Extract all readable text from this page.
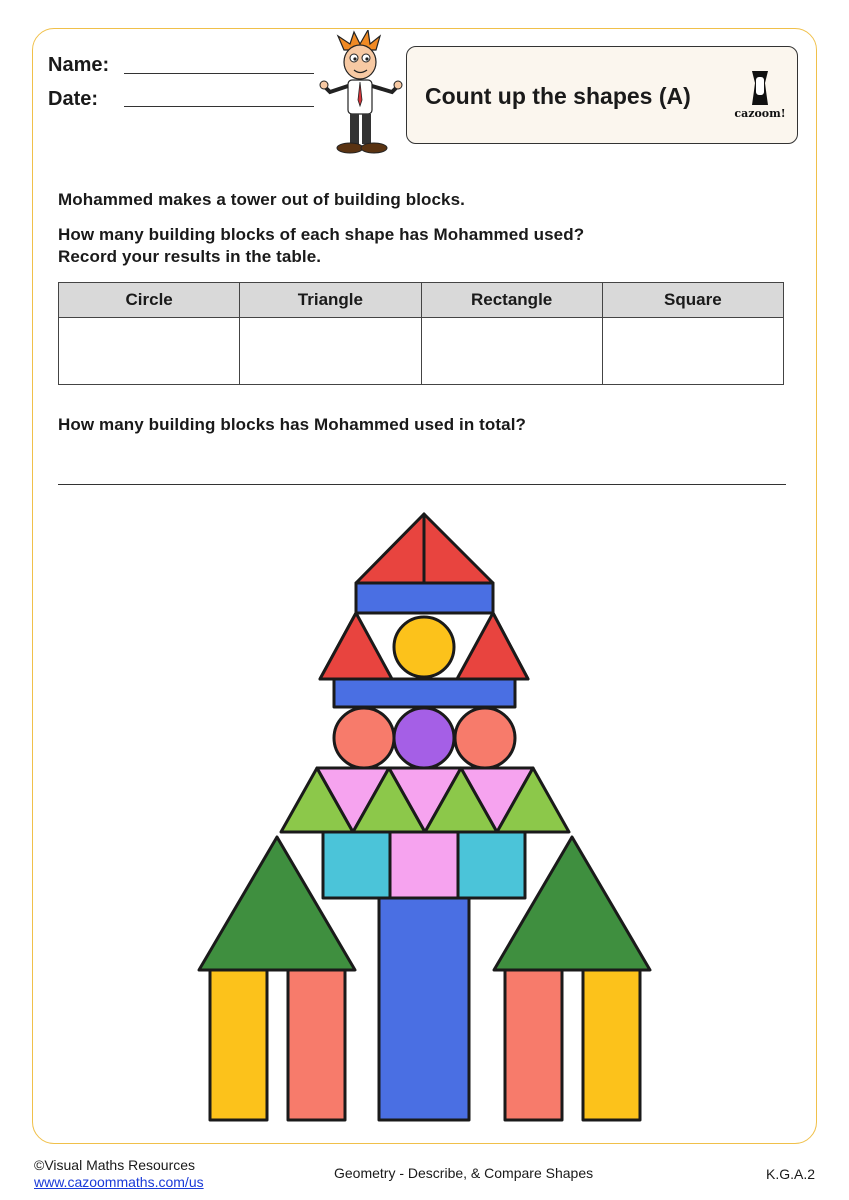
Name:
Date:	Count up the shapes (A)
cazoom!
Mohammed makes a tower out of building blocks.
How many building blocks of each shape has Mohammed used?
Record your results in the table.
Circle	Triangle	Rectangle	Square

How many building blocks has Mohammed used in total?
©Visual Maths Resources
www.cazoommaths.com/us
Geometry - Describe, & Compare Shapes	K.G.A.2
